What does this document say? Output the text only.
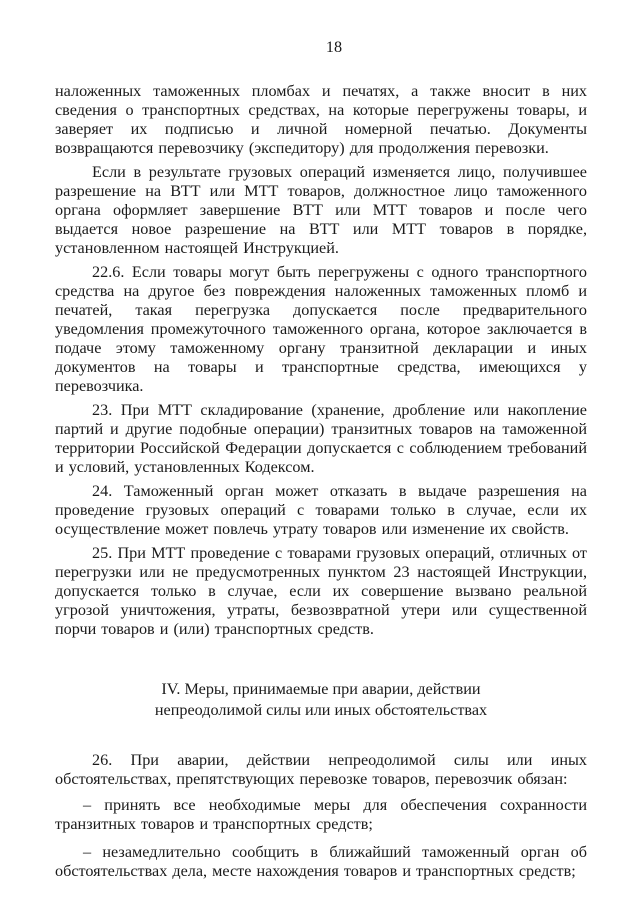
18

наложенных таможенных пломбах и печатях, а также вносит в них сведения о транспортных средствах, на которые перегружены товары, и заверяет их подписью и личной номерной печатью. Документы возвращаются перевозчику (экспедитору) для продолжения перевозки.

Если в результате грузовых операций изменяется лицо, получившее разрешение на ВТТ или МТТ товаров, должностное лицо таможенного органа оформляет завершение ВТТ или МТТ товаров и после чего выдается новое разрешение на ВТТ или МТТ товаров в порядке, установленном настоящей Инструкцией.

22.6. Если товары могут быть перегружены с одного транспортного средства на другое без повреждения наложенных таможенных пломб и печатей, такая перегрузка допускается после предварительного уведомления промежуточного таможенного органа, которое заключается в подаче этому таможенному органу транзитной декларации и иных документов на товары и транспортные средства, имеющихся у перевозчика.

23. При МТТ складирование (хранение, дробление или накопление партий и другие подобные операции) транзитных товаров на таможенной территории Российской Федерации допускается с соблюдением требований и условий, установленных Кодексом.

24. Таможенный орган может отказать в выдаче разрешения на проведение грузовых операций с товарами только в случае, если их осуществление может повлечь утрату товаров или изменение их свойств.

25. При МТТ проведение с товарами грузовых операций, отличных от перегрузки или не предусмотренных пунктом 23 настоящей Инструкции, допускается только в случае, если их совершение вызвано реальной угрозой уничтожения, утраты, безвозвратной утери или существенной порчи товаров и (или) транспортных средств.

IV. Меры, принимаемые при аварии, действии
непреодолимой силы или иных обстоятельствах

26. При аварии, действии непреодолимой силы или иных обстоятельствах, препятствующих перевозке товаров, перевозчик обязан:

– принять все необходимые меры для обеспечения сохранности транзитных товаров и транспортных средств;

– незамедлительно сообщить в ближайший таможенный орган об обстоятельствах дела, месте нахождения товаров и транспортных средств;
